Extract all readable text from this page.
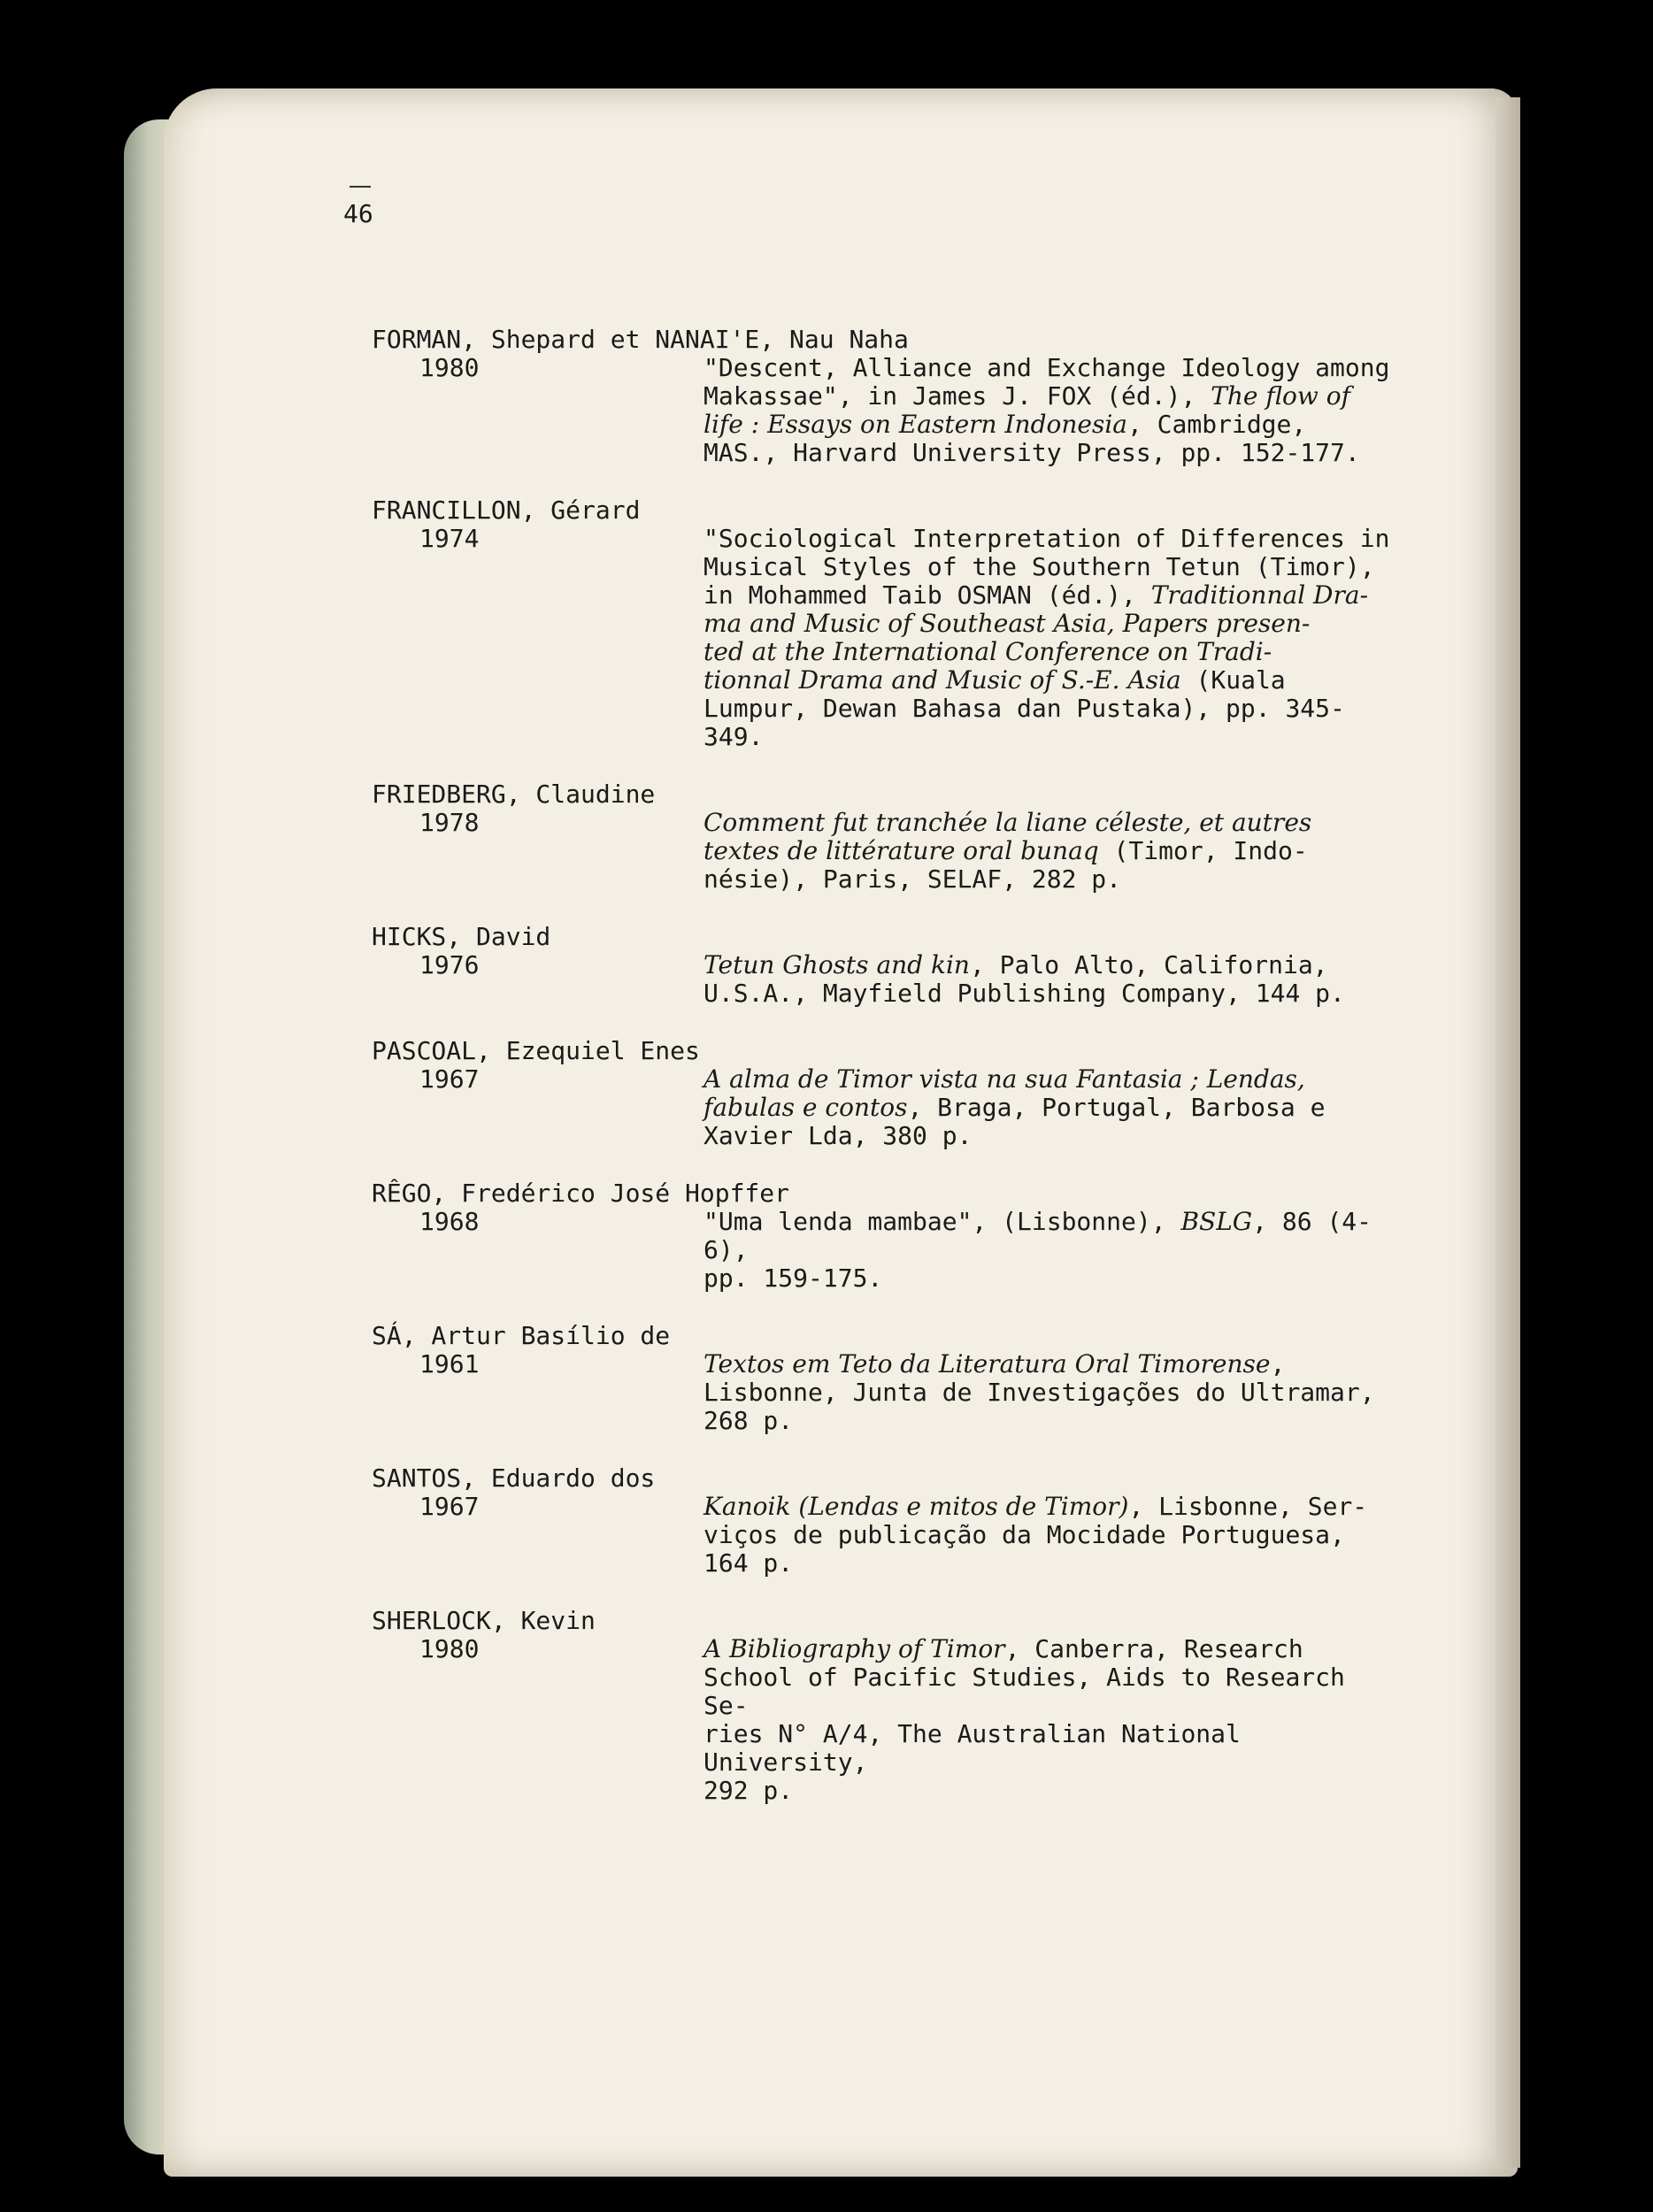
46
FORMAN, Shepard et NANAI'E, Nau Naha
1980	"Descent, Alliance and Exchange Ideology among
Makassae", in James J. FOX (éd.), The flow of
life : Essays on Eastern Indonesia, Cambridge,
MAS., Harvard University Press, pp. 152-177.
FRANCILLON, Gérard
1974	"Sociological Interpretation of Differences in
Musical Styles of the Southern Tetun (Timor),
in Mohammed Taib OSMAN (éd.), Traditionnal Dra-
ma and Music of Southeast Asia, Papers presen-
ted at the International Conference on Tradi-
tionnal Drama and Music of S.-E. Asia (Kuala
Lumpur, Dewan Bahasa dan Pustaka), pp. 345-349.
FRIEDBERG, Claudine
1978	Comment fut tranchée la liane céleste, et autres
textes de littérature oral bunaq (Timor, Indo-
nésie), Paris, SELAF, 282 p.
HICKS, David
1976	Tetun Ghosts and kin, Palo Alto, California,
U.S.A., Mayfield Publishing Company, 144 p.
PASCOAL, Ezequiel Enes
1967	A alma de Timor vista na sua Fantasia ; Lendas,
fabulas e contos, Braga, Portugal, Barbosa e
Xavier Lda, 380 p.
RÊGO, Fredérico José Hopffer
1968	"Uma lenda mambae", (Lisbonne), BSLG, 86 (4-6),
pp. 159-175.
SÁ, Artur Basílio de
1961	Textos em Teto da Literatura Oral Timorense,
Lisbonne, Junta de Investigações do Ultramar,
268 p.
SANTOS, Eduardo dos
1967	Kanoik (Lendas e mitos de Timor), Lisbonne, Ser-
viços de publicação da Mocidade Portuguesa,
164 p.
SHERLOCK, Kevin
1980	A Bibliography of Timor, Canberra, Research
School of Pacific Studies, Aids to Research Se-
ries N° A/4, The Australian National University,
292 p.
